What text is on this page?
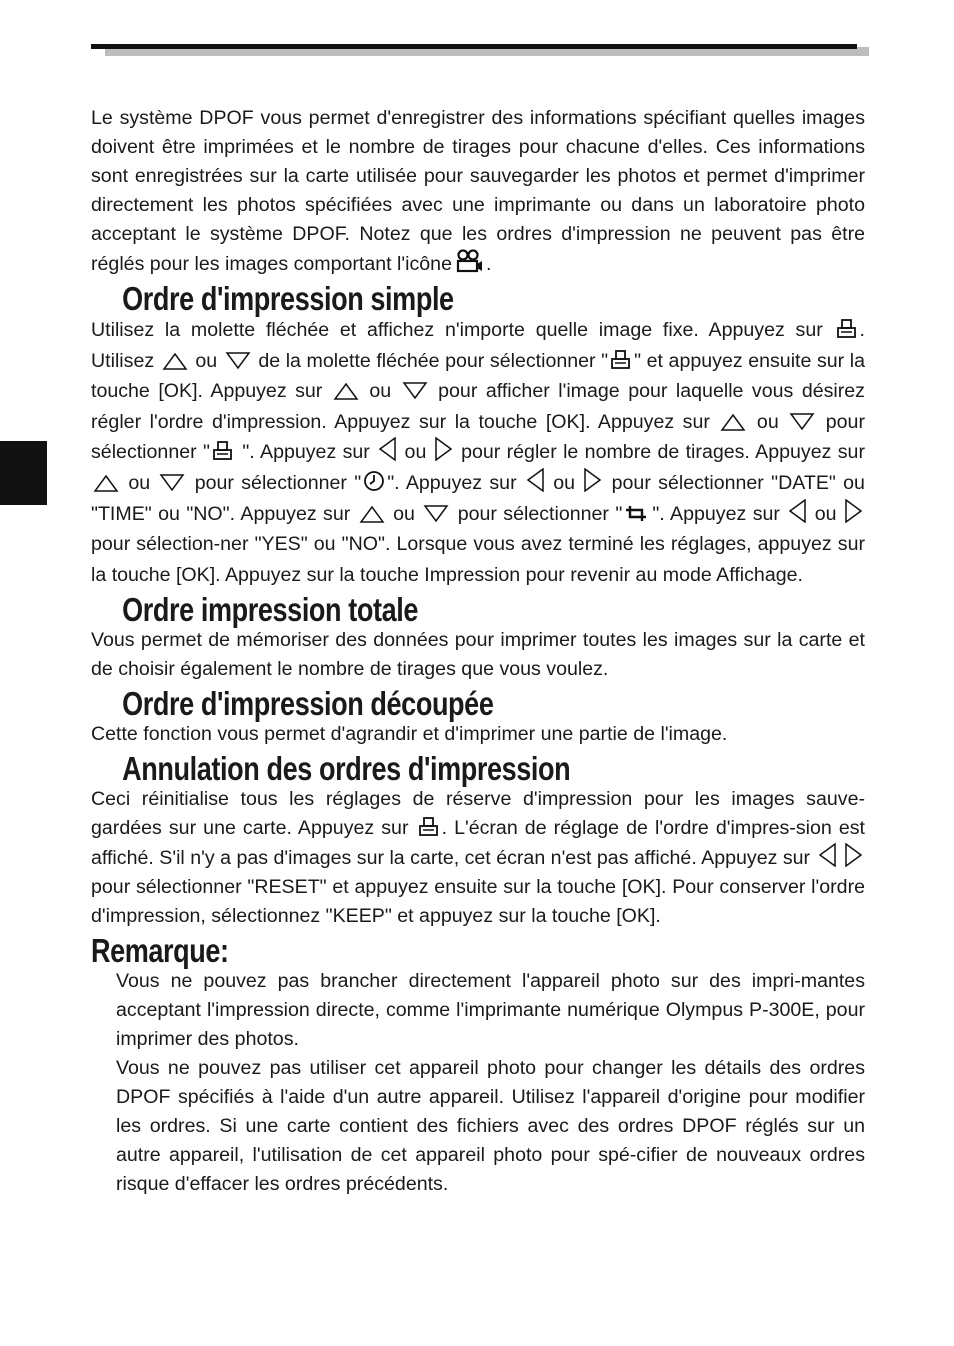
Le système DPOF vous permet d'enregistrer des informations spécifiant quelles images doivent être imprimées et le nombre de tirages pour chacune d'elles. Ces informations sont enregistrées sur la carte utilisée pour sauvegarder les photos et permet d'imprimer directement les photos spécifiées avec une imprimante ou dans un laboratoire photo acceptant le système DPOF. Notez que les ordres d'impression ne peuvent pas être réglés pour les images comportant l'icône .

Ordre d'impression simple

Utilisez la molette fléchée et affichez n'importe quelle image fixe. Appuyez sur . Utilisez ou de la molette fléchée pour sélectionner " " et appuyez ensuite sur la touche [OK]. Appuyez sur ou pour afficher l'image pour laquelle vous désirez régler l'ordre d'impression. Appuyez sur la touche [OK]. Appuyez sur ou pour sélectionner " ". Appuyez sur ou pour régler le nombre de tirages. Appuyez sur
ou pour sélectionner " ". Appuyez sur ou pour sélectionner "DATE" ou "TIME" ou "NO". Appuyez sur ou pour sélectionner " ". Appuyez sur ou
pour sélection-ner "YES" ou "NO". Lorsque vous avez terminé les réglages, appuyez sur la touche [OK]. Appuyez sur la touche Impression pour revenir au mode Affichage.

Ordre impression totale

Vous permet de mémoriser des données pour imprimer toutes les images sur la carte et de choisir également le nombre de tirages que vous voulez.

Ordre d'impression découpée

Cette fonction vous permet d'agrandir et d'imprimer une partie de l'image.

Annulation des ordres d'impression

Ceci réinitialise tous les réglages de réserve d'impression pour les images sauve-gardées sur une carte. Appuyez sur . L'écran de réglage de l'ordre d'impres-sion est affiché. S'il n'y a pas d'images sur la carte, cet écran n'est pas affiché. Appuyez sur

pour sélectionner "RESET" et appuyez ensuite sur la touche [OK]. Pour conserver l'ordre d'impression, sélectionnez "KEEP" et appuyez sur la touche [OK].

Remarque:

Vous ne pouvez pas brancher directement l'appareil photo sur des impri-mantes acceptant l'impression directe, comme l'imprimante numérique Olympus P-300E, pour imprimer des photos.

Vous ne pouvez pas utiliser cet appareil photo pour changer les détails des ordres DPOF spécifiés à l'aide d'un autre appareil. Utilisez l'appareil d'origine pour modifier les ordres. Si une carte contient des fichiers avec des ordres DPOF réglés sur un autre appareil, l'utilisation de cet appareil photo pour spé-cifier de nouveaux ordres risque d'effacer les ordres précédents.
